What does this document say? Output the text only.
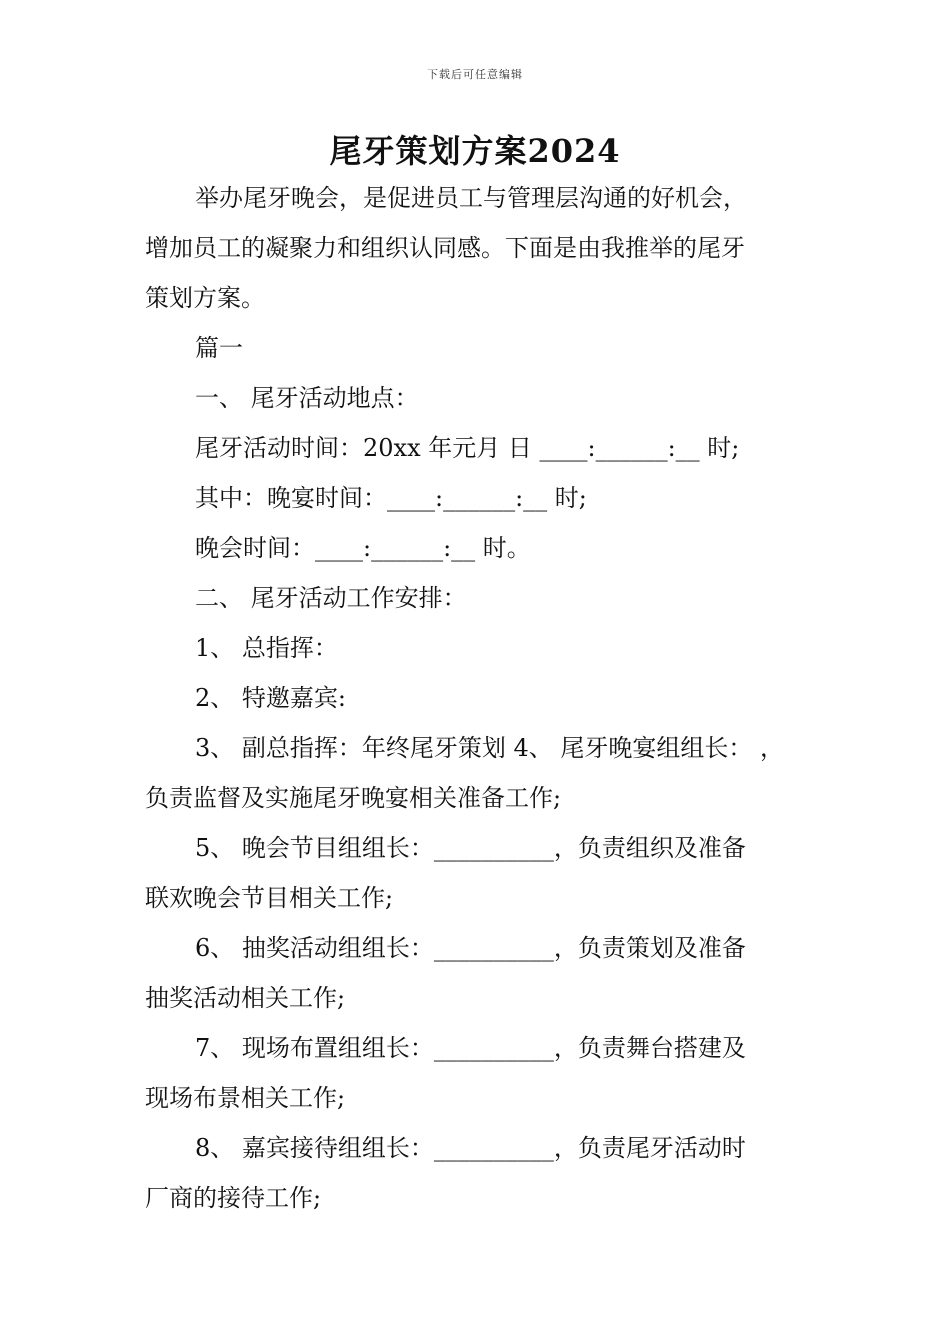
下载后可任意编辑
尾牙策划方案2024

举办尾牙晚会，是促进员工与管理层沟通的好机会，

增加员工的凝聚力和组织认同感。下面是由我推举的尾牙

策划方案。

篇一

一、 尾牙活动地点：

尾牙活动时间：20xx 年元月 日 ____:______:__ 时;

其中：晚宴时间：____:______:__ 时;

晚会时间：____:______:__ 时。

二、 尾牙活动工作安排：

1、 总指挥：

2、 特邀嘉宾:

3、 副总指挥：年终尾牙策划 4、 尾牙晚宴组组长： ，

负责监督及实施尾牙晚宴相关准备工作;

5、 晚会节目组组长：__________，负责组织及准备

联欢晚会节目相关工作;

6、 抽奖活动组组长：__________，负责策划及准备

抽奖活动相关工作;

7、 现场布置组组长：__________，负责舞台搭建及

现场布景相关工作;

8、 嘉宾接待组组长：__________，负责尾牙活动时

厂商的接待工作;
